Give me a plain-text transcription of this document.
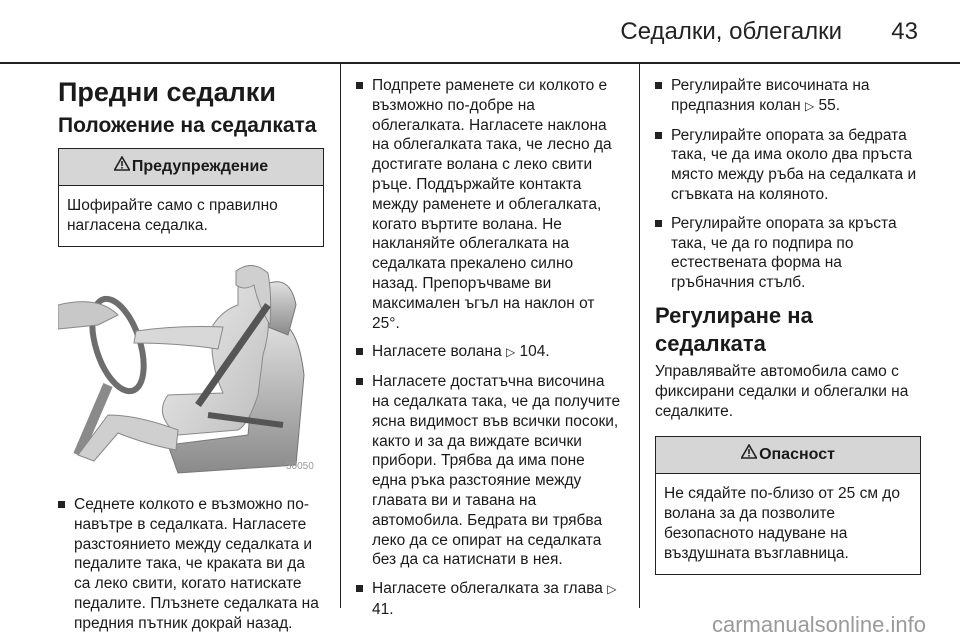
Седалки, облегалки 43
Предни седалки
Положение на седалката
Предупреждение
Шофирайте само с правилно нагласена седалка.
30050
Седнете колкото е възможно по-навътре в седалката. Нагласете разстоянието между седалката и педалите така, че краката ви да са леко свити, когато натискате педалите. Плъзнете седалката на предния пътник докрай назад.
Подпрете раменете си колкото е възможно по-добре на облегалката. Нагласете наклона на облегалката така, че лесно да достигате волана с леко свити ръце. Поддържайте контакта между раменете и облегалката, когато въртите волана. Не накланяйте облегалката на седалката прекалено силно назад. Препоръчваме ви максимален ъгъл на наклон от 25°.
Нагласете волана ▷ 104.
Нагласете достатъчна височина на седалката така, че да получите ясна видимост във всички посоки, както и за да виждате всички прибори. Трябва да има поне една ръка разстояние между главата ви и тавана на автомобила. Бедрата ви трябва леко да се опират на седалката без да са натиснати в нея.
Нагласете облегалката за глава ▷ 41.
Регулирайте височината на предпазния колан ▷ 55.
Регулирайте опората за бедрата така, че да има около два пръста място между ръба на седалката и сгъвката на коляното.
Регулирайте опората за кръста така, че да го подпира по естествената форма на гръбначния стълб.
Регулиране на седалката

Управлявайте автомобила само с фиксирани седалки и облегалки на седалките.

Опасност
Не сядайте по-близо от 25 см до волана за да позволите безопасното надуване на въздушната възглавница.
carmanualsonline.info
